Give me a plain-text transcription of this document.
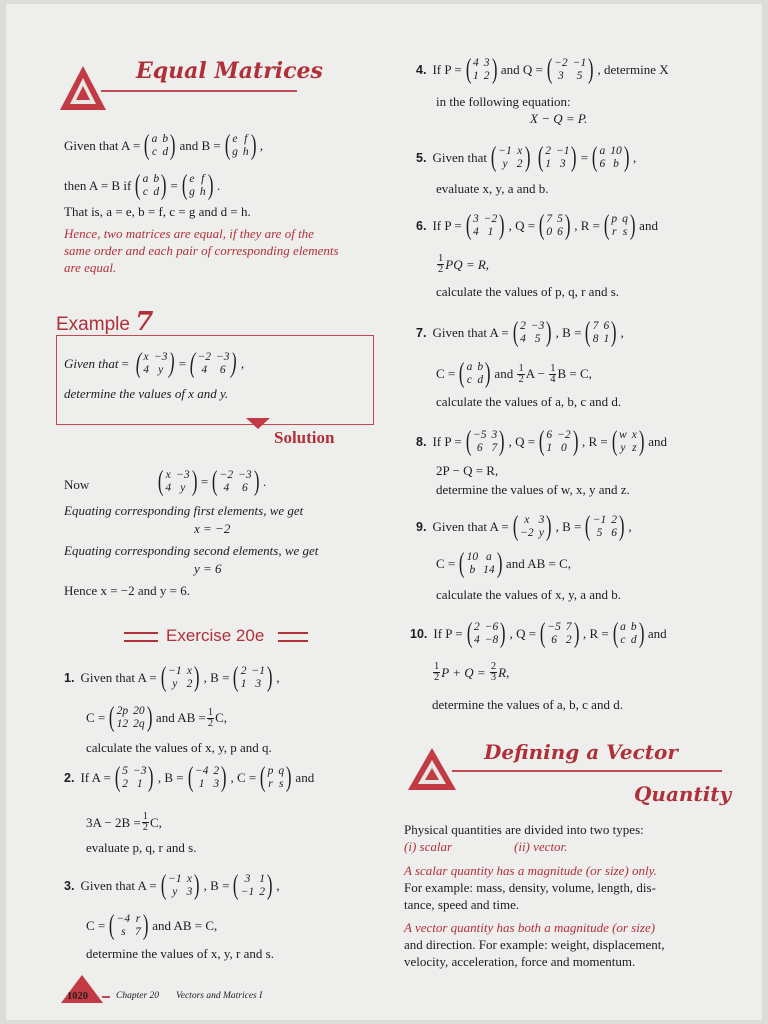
Equal Matrices
Given that A = ( a b
c d ) and B = ( e f
g h ) ,
then A = B if ( a b
c d ) = ( e f
g h ) .
That is, a = e, b = f, c = g and d = h.
Hence, two matrices are equal, if they are of the
same order and each pair of corresponding elements
are equal.
Example 7
Given that = ( x −3
4 y ) = ( −2 −3
4	6 ) ,
determine the values of x and y.
Solution
Now ( x −3
4 y ) = ( −2 −3
4	6 ) .
Equating corresponding first elements, we get
x = −2
Equating corresponding second elements, we get
y = 6
Hence x = −2 and y = 6.
Exercise 20e
1. Given that A = ( −1 x
y 2 ) , B = ( 2 −1
1 3 ) ,
C = ( 2p 20
12 2q ) and AB = $\frac{1}{2} C$,
calculate the values of x, y, p and q.
2. If A = ( 5 −3
2 1 ) , B = ( −4 2
1 3 ) , C = ( p q
r s ) and
$3A - 2B = \frac{1}{2} C$,
evaluate p, q, r and s.
3. Given that A = ( −1 x
y 3 ) , B = ( 3 1
−1 2 ) ,
C = ( −4 r
s 7 ) and AB = C,
determine the values of x, y, r and s.
1020	Chapter 20 Vectors and Matrices I
4. If P = ( 4 3
1 2 ) and Q = ( −2 −1
3	5 ) , determine X
in the following equation:
X − Q = P.
5. Given that ( −1 x
y 2 ) ( 2 −1
1 3 ) = ( a 10
6 b ) ,
evaluate x, y, a and b.
6. If P = ( 3 −2
4 1 ) , Q = ( 7 5
0 6 ) , R = ( p q
r s ) and
$\frac{1}{2}$ PQ = R,
calculate the values of p, q, r and s.
7. Given that A = ( 2 −3
4 5 ) , B = ( 7 6
8 1 ) ,
C = ( a b
c d ) and
$\frac{1}{2}$ A −
$\frac{1}{4}$ B = C,
calculate the values of a, b, c and d.
8. If P = ( −5 3
6 7 ) , Q = ( 6 −2
1 0 ) , R = ( w x
y z ) and
2P − Q = R,
determine the values of w, x, y and z.
9. Given that A = ( x 3
−2 y ) , B = ( −1 2
5 6 ) ,
C = ( 10 a
b 14 ) and AB = C,
calculate the values of x, y, a and b.
10. If P = ( 2 −6
4 −8 ) , Q = ( −5 7
6 2 ) , R = ( a b
c d ) and
$\frac{1}{2}$ $P + Q = \frac{2}{3} R$,
determine the values of a, b, c and d.
Defining a Vector
Quantity
Physical quantities are divided into two types:
(i) scalar	(ii) vector.
A scalar quantity has a magnitude (or size) only.
For example: mass, density, volume, length, dis-
tance, speed and time.
A vector quantity has both a magnitude (or size)
and direction. For example: weight, displacement,
velocity, acceleration, force and momentum.
